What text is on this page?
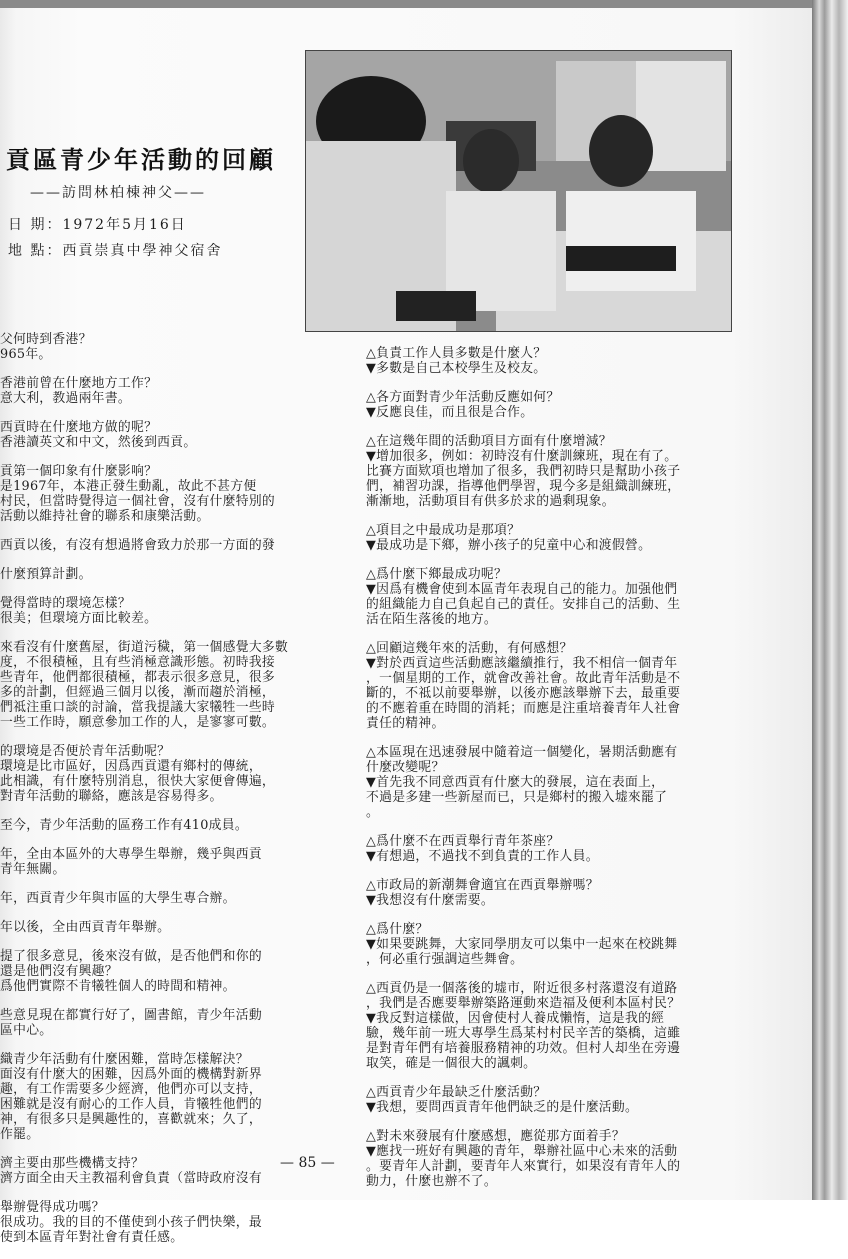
貢區青少年活動的回顧
——訪問林柏棟神父——
日 期：1972年5月16日
地 點：西貢崇真中學神父宿舍
父何時到香港？
965年。
香港前曾在什麼地方工作？
意大利，教過兩年書。
西貢時在什麼地方做的呢？
香港讀英文和中文，然後到西貢。
貢第一個印象有什麼影响？
是1967年，本港正發生動亂，故此不甚方便
村民，但當時覺得這一個社會，沒有什麼特別的
活動以維持社會的聯系和康樂活動。
西貢以後，有沒有想過將會致力於那一方面的發
什麼預算計劃。
覺得當時的環境怎樣？
很美；但環境方面比較差。
來看沒有什麼舊屋，街道污穢，第一個感覺大多數
度，不很積極，且有些消極意識形態。初時我接
些青年，他們都很積極，都表示很多意見，很多
多的計劃，但經過三個月以後，漸而趨於消極，
們祗注重口談的討論，當我提議大家犧牲一些時
一些工作時，願意參加工作的人，是寥寥可數。
的環境是否便於青年活動呢？
環境是比市區好，因爲西貢還有鄉村的傳統，
此相識，有什麼特別消息，很快大家便會傳遍，
對青年活動的聯絡，應該是容易得多。
至今，青少年活動的區務工作有410成員。
年，全由本區外的大專學生舉辦，幾乎與西貢
青年無關。
年，西貢青少年與市區的大學生專合辦。
年以後，全由西貢青年舉辦。
提了很多意見，後來沒有做，是否他們和你的
還是他們沒有興趣？
爲他們實際不肯犧牲個人的時間和精神。
些意見現在都實行好了，圖書館，青少年活動
區中心。
織青少年活動有什麼困難，當時怎樣解決？
面沒有什麼大的困難，因爲外面的機構對新界
趣，有工作需要多少經濟，他們亦可以支持，
困難就是沒有耐心的工作人員，肯犧牲他們的
神，有很多只是興趣性的，喜歡就來；久了，
作罷。
濟主要由那些機構支持？
濟方面全由天主教福利會負責（當時政府沒有
舉辦覺得成功嗎？
很成功。我的目的不僅使到小孩子們快樂，最
使到本區青年對社會有責任感。
△負責工作人員多數是什麼人？
▼多數是自己本校學生及校友。
△各方面對青少年活動反應如何？
▼反應良佳，而且很是合作。
△在這幾年間的活動項目方面有什麼增減？
▼增加很多，例如：初時沒有什麼訓練班，現在有了。
比賽方面欵項也增加了很多，我們初時只是幫助小孩子
們，補習功課，指導他們學習，現今多是組織訓練班，
漸漸地，活動項目有供多於求的過剩現象。
△項目之中最成功是那項？
▼最成功是下鄉，辦小孩子的兒童中心和渡假營。
△爲什麼下鄉最成功呢？
▼因爲有機會使到本區青年表現自己的能力。加强他們
的組織能力自己負起自己的責任。安排自己的活動、生
活在陌生落後的地方。
△回顧這幾年來的活動，有何感想？
▼對於西貢這些活動應該繼續推行，我不相信一個青年
，一個星期的工作，就會改善社會。故此青年活動是不
斷的，不祗以前要舉辦，以後亦應該舉辦下去，最重要
的不應着重在時間的消耗；而應是注重培養青年人社會
責任的精神。
△本區現在迅速發展中隨着這一個變化，暑期活動應有
什麼改變呢？
▼首先我不同意西貢有什麼大的發展，這在表面上，
不過是多建一些新屋而已，只是鄉村的搬入墟來罷了
。
△爲什麼不在西貢舉行青年茶座？
▼有想過，不過找不到負責的工作人員。
△市政局的新潮舞會適宜在西貢舉辦嗎？
▼我想沒有什麼需要。
△爲什麼？
▼如果要跳舞，大家同學朋友可以集中一起來在校跳舞
，何必重行强調這些舞會。
△西貢仍是一個落後的墟市，附近很多村落還沒有道路
，我們是否應要舉辦築路運動來造福及便利本區村民？
▼我反對這樣做，因會使村人養成懶惰，這是我的經
驗，幾年前一班大專學生爲某村村民辛苦的築橋，這雖
是對青年們有培養服務精神的功效。但村人却坐在旁邊
取笑，確是一個很大的諷刺。
△西貢青少年最缺乏什麼活動？
▼我想，要問西貢青年他們缺乏的是什麼活動。
△對未來發展有什麼感想，應從那方面着手？
▼應找一班好有興趣的青年，舉辦社區中心未來的活動
。要青年人計劃，要青年人來實行，如果沒有青年人的
動力，什麼也辦不了。
— 85 —
